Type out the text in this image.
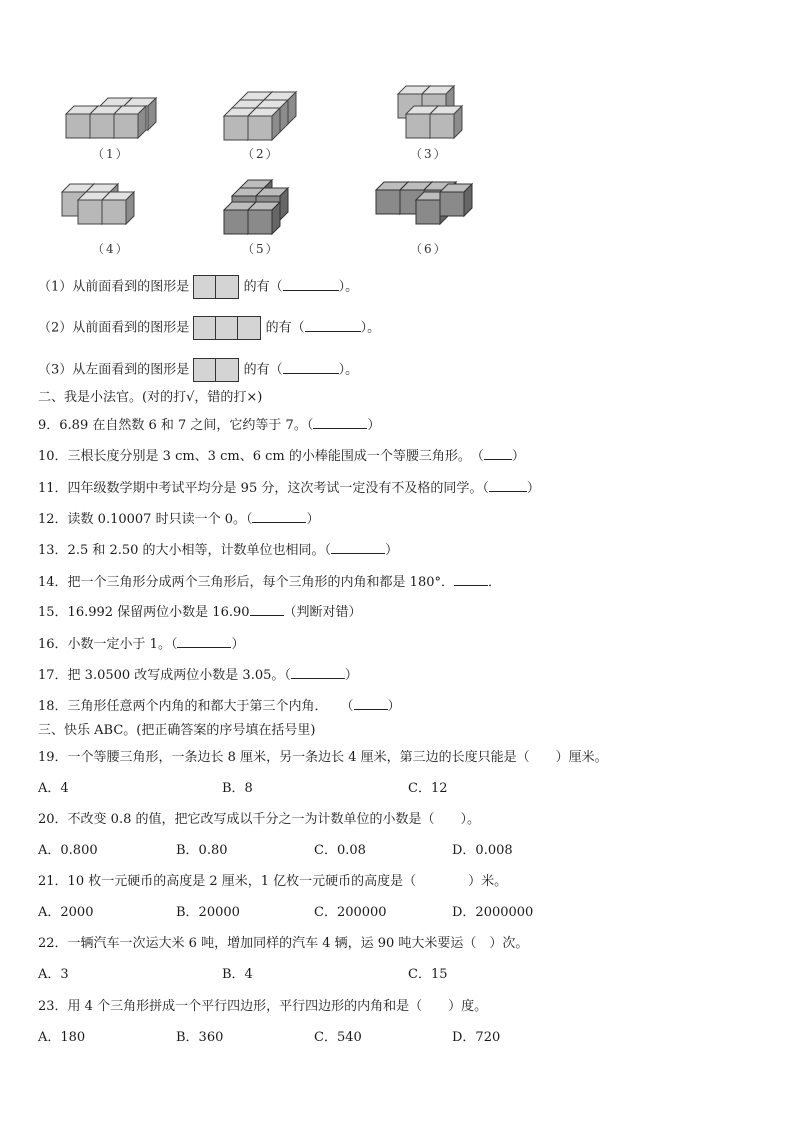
（1）	（2）	（3）
（4）	（5）	（6）
（1）从前面看到的图形是	的有（	）。
（2）从前面看到的图形是	的有（	）。
（3）从左面看到的图形是	的有（	）。
二、我是小法官。(对的打√，错的打×)
9．6.89 在自然数 6 和 7 之间，它约等于 7。（	）
10．三根长度分别是 3 cm、3 cm、6 cm 的小棒能围成一个等腰三角形。　（ ）
11．四年级数学期中考试平均分是 95 分，这次考试一定没有不及格的同学。（	）
12．读数 0.10007 时只读一个 0。（	）
13．2.5 和 2.50 的大小相等，计数单位也相同。（	）
14．把一个三角形分成两个三角形后，每个三角形的内角和都是 180°．	．
15．16.992 保留两位小数是 16.90	（判断对错）
16．小数一定小于 1。（	）
17．把 3.0500 改写成两位小数是 3.05。（	）
18．三角形任意两个内角的和都大于第三个内角．　　（	）
三、快乐 ABC。(把正确答案的序号填在括号里)
19．一个等腰三角形，一条边长 8 厘米，另一条边长 4 厘米，第三边的长度只能是（　　）厘米。
A．4	B．8	C．12
20．不改变 0.8 的值，把它改写成以千分之一为计数单位的小数是（　　）。
A．0.800	B．0.80	C．0.08	D．0.008
21．10 枚一元硬币的高度是 2 厘米，1 亿枚一元硬币的高度是（　　　　）米。
A．2000	B．20000	C．200000	D．2000000
22．一辆汽车一次运大米 6 吨，增加同样的汽车 4 辆，运 90 吨大米要运（　）次。
A．3	B．4	C．15
23．用 4 个三角形拼成一个平行四边形，平行四边形的内角和是（　　）度。
A．180	B．360	C．540	D．720
